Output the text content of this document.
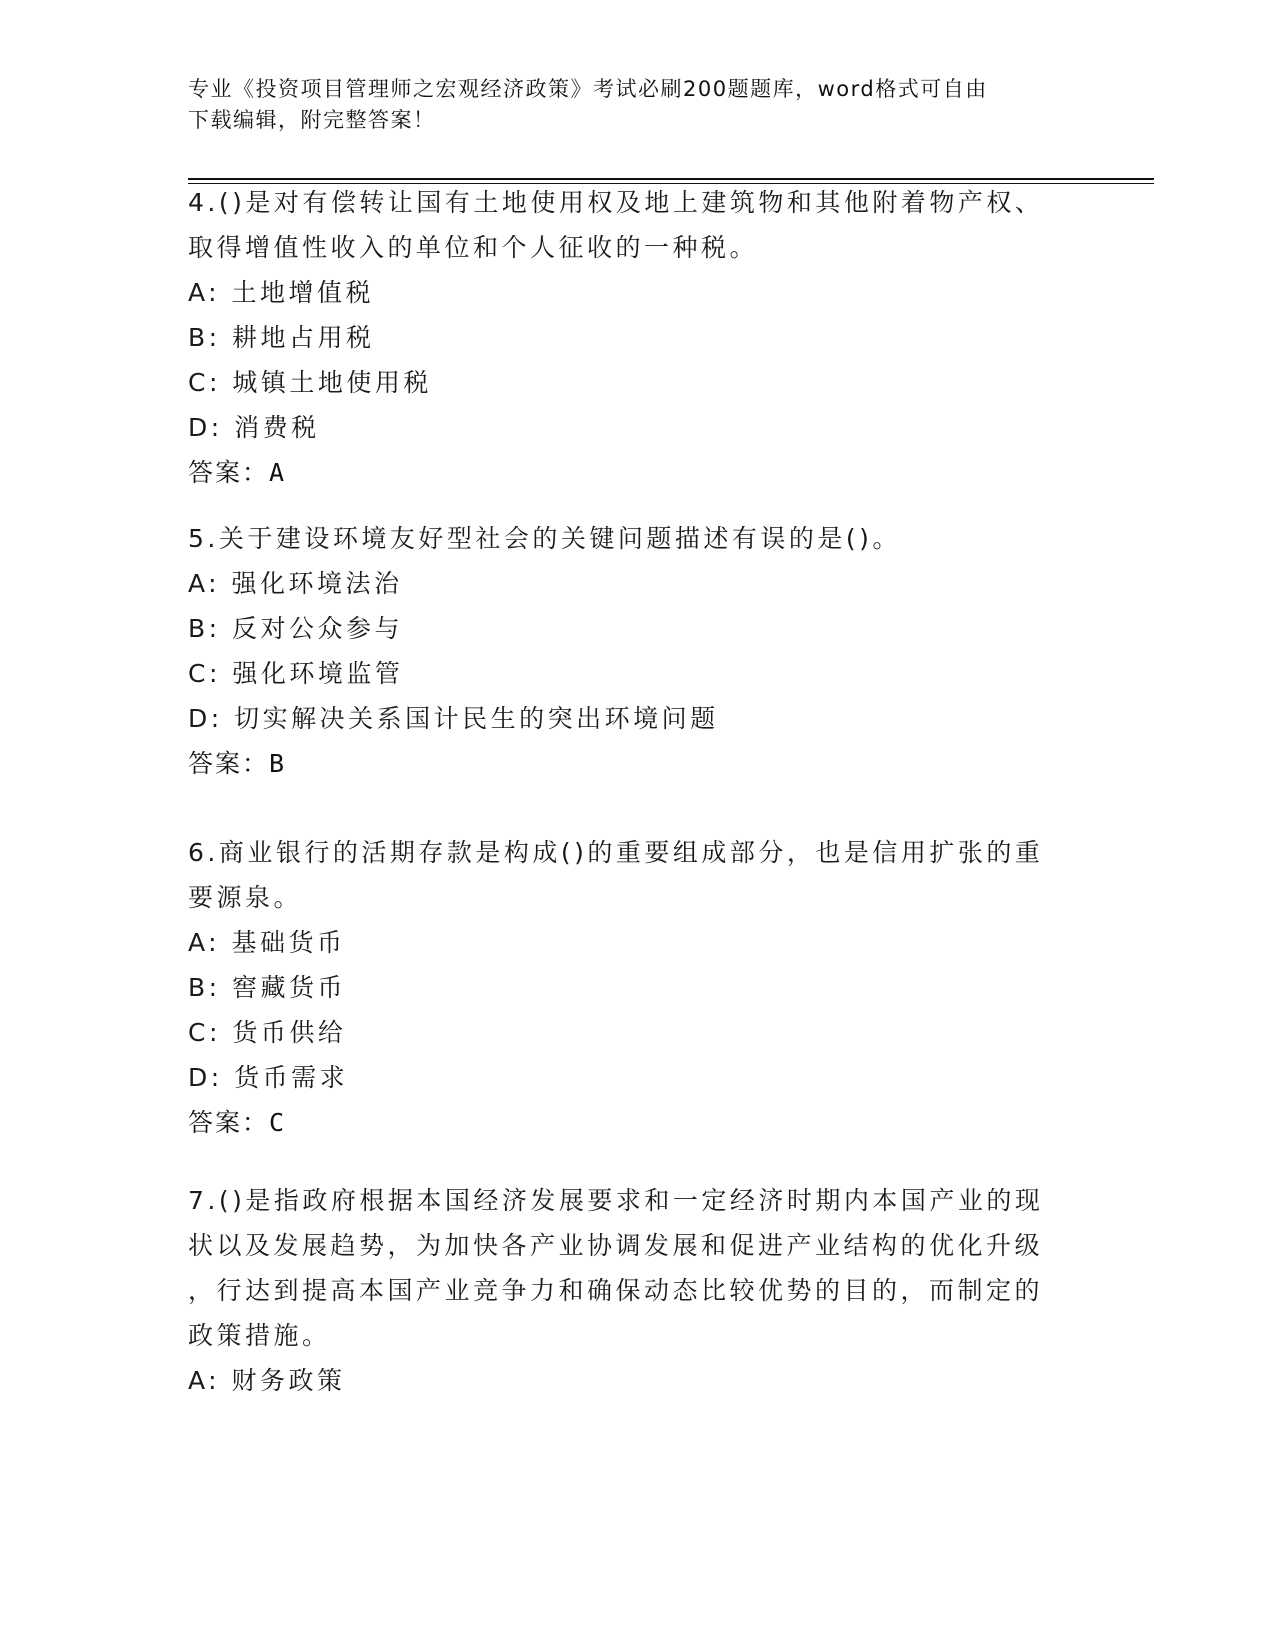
专业《投资项目管理师之宏观经济政策》考试必刷200题题库，word格式可自由
下载编辑，附完整答案！
4.()是对有偿转让国有土地使用权及地上建筑物和其他附着物产权、
取得增值性收入的单位和个人征收的一种税。
A: 土地增值税
B: 耕地占用税
C: 城镇土地使用税
D: 消费税
答案：A
5.关于建设环境友好型社会的关键问题描述有误的是()。
A: 强化环境法治
B: 反对公众参与
C: 强化环境监管
D: 切实解决关系国计民生的突出环境问题
答案：B
6.商业银行的活期存款是构成()的重要组成部分，也是信用扩张的重
要源泉。
A: 基础货币
B: 窖藏货币
C: 货币供给
D: 货币需求
答案：C
7.()是指政府根据本国经济发展要求和一定经济时期内本国产业的现
状以及发展趋势，为加快各产业协调发展和促进产业结构的优化升级
，行达到提高本国产业竞争力和确保动态比较优势的目的，而制定的
政策措施。
A: 财务政策
